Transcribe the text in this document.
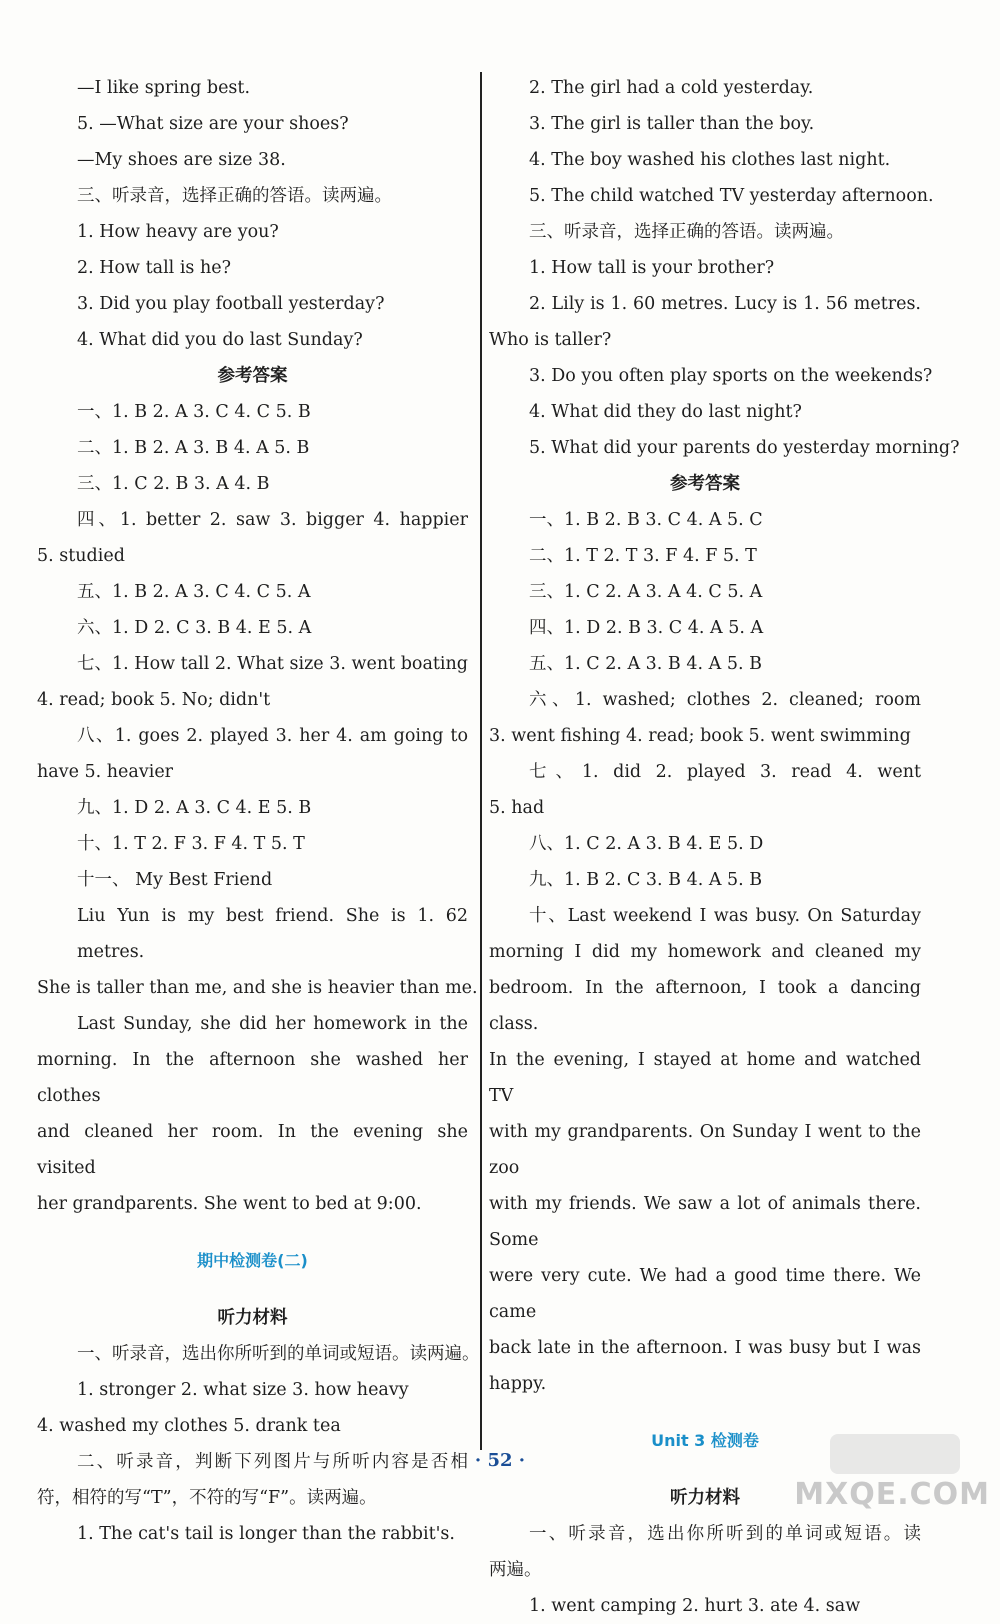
—I like spring best.
5. —What size are your shoes?
—My shoes are size 38.
三、听录音，选择正确的答语。读两遍。
1. How heavy are you?
2. How tall is he?
3. Did you play football yesterday?
4. What did you do last Sunday?
参考答案
一、1. B 2. A 3. C 4. C 5. B
二、1. B 2. A 3. B 4. A 5. B
三、1. C 2. B 3. A 4. B
四、1. better 2. saw 3. bigger 4. happier
5. studied
五、1. B 2. A 3. C 4. C 5. A
六、1. D 2. C 3. B 4. E 5. A
七、1. How tall 2. What size 3. went boating
4. read; book 5. No; didn't
八、1. goes 2. played 3. her 4. am going to
have 5. heavier
九、1. D 2. A 3. C 4. E 5. B
十、1. T 2. F 3. F 4. T 5. T
十一、 My Best Friend
Liu Yun is my best friend. She is 1. 62 metres.
She is taller than me, and she is heavier than me.
Last Sunday, she did her homework in the
morning. In the afternoon she washed her clothes
and cleaned her room. In the evening she visited
her grandparents. She went to bed at 9:00.
期中检测卷(二)
听力材料
一、听录音，选出你所听到的单词或短语。读两遍。
1. stronger 2. what size 3. how heavy
4. washed my clothes 5. drank tea
二、听录音，判断下列图片与所听内容是否相
符，相符的写“T”，不符的写“F”。读两遍。
1. The cat's tail is longer than the rabbit's.
2. The girl had a cold yesterday.
3. The girl is taller than the boy.
4. The boy washed his clothes last night.
5. The child watched TV yesterday afternoon.
三、听录音，选择正确的答语。读两遍。
1. How tall is your brother?
2. Lily is 1. 60 metres. Lucy is 1. 56 metres.
Who is taller?
3. Do you often play sports on the weekends?
4. What did they do last night?
5. What did your parents do yesterday morning?
参考答案
一、1. B 2. B 3. C 4. A 5. C
二、1. T 2. T 3. F 4. F 5. T
三、1. C 2. A 3. A 4. C 5. A
四、1. D 2. B 3. C 4. A 5. A
五、1. C 2. A 3. B 4. A 5. B
六、1. washed; clothes 2. cleaned; room
3. went fishing 4. read; book 5. went swimming
七、1. did 2. played 3. read 4. went
5. had
八、1. C 2. A 3. B 4. E 5. D
九、1. B 2. C 3. B 4. A 5. B
十、Last weekend I was busy. On Saturday
morning I did my homework and cleaned my
bedroom. In the afternoon, I took a dancing class.
In the evening, I stayed at home and watched TV
with my grandparents. On Sunday I went to the zoo
with my friends. We saw a lot of animals there. Some
were very cute. We had a good time there. We came
back late in the afternoon. I was busy but I was
happy.
Unit 3 检测卷
听力材料
一、听录音，选出你所听到的单词或短语。读
两遍。
1. went camping 2. hurt 3. ate 4. saw
· 52 ·
MXQE.COM
